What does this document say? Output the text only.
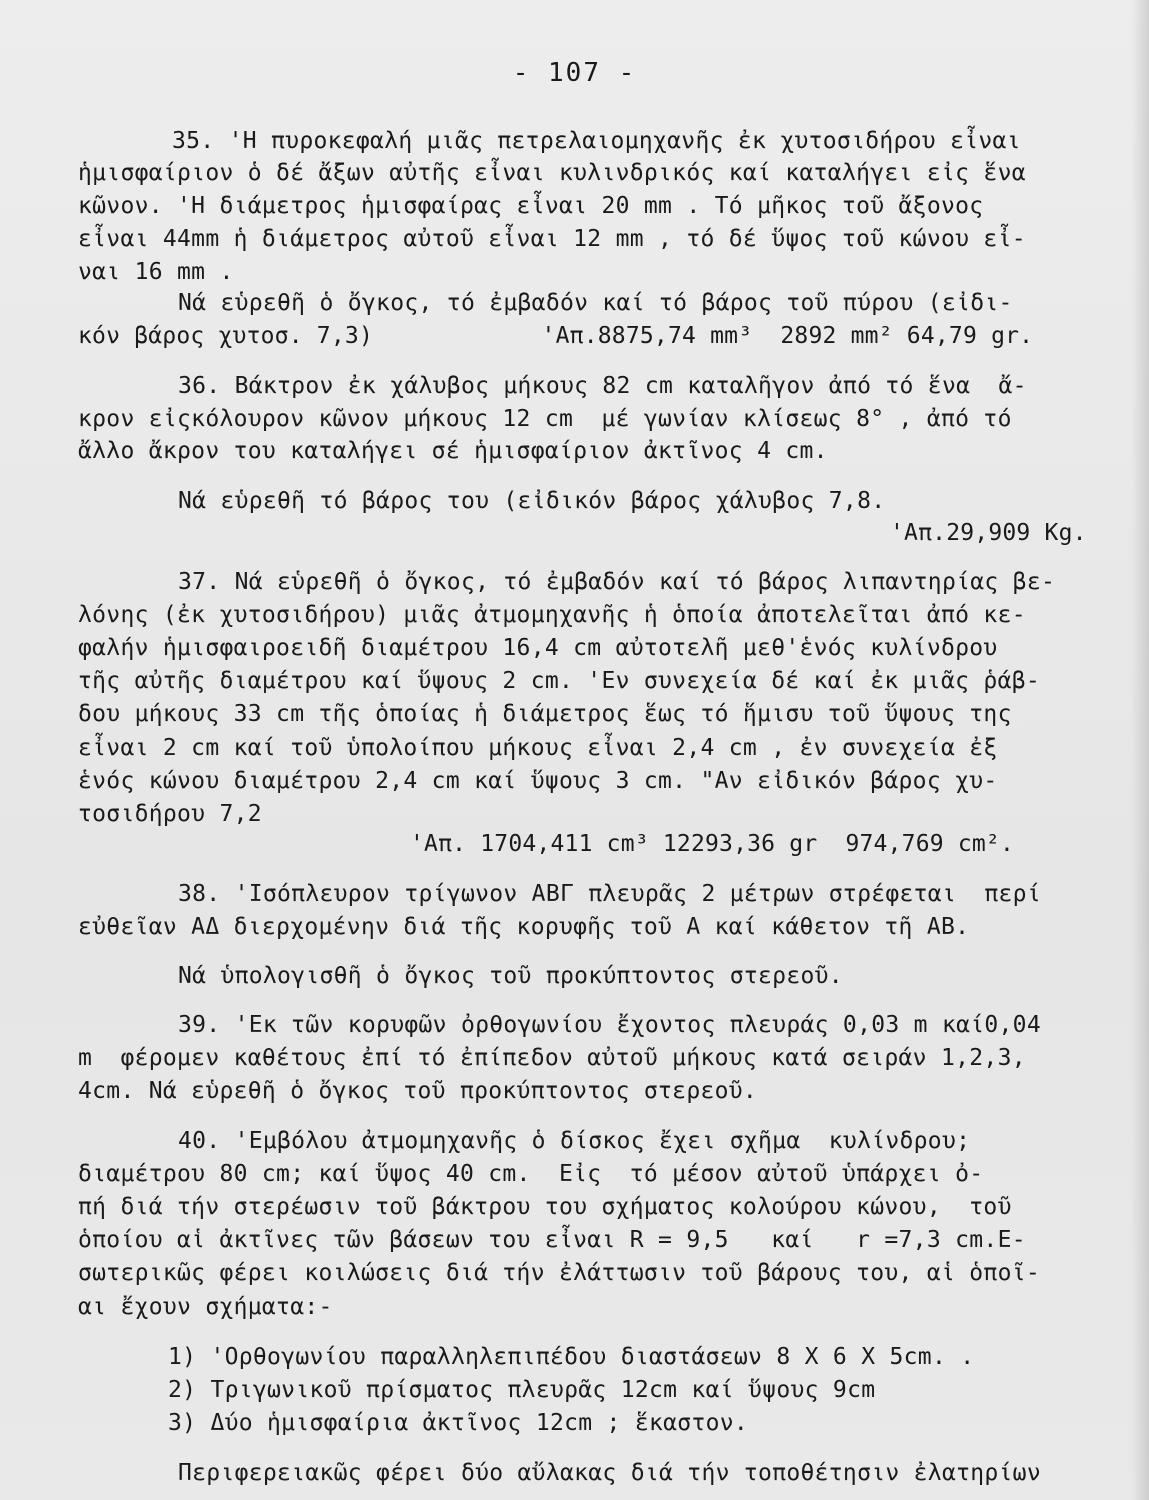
- 107 -
35. 'Η πυροκεφαλή μιᾶς πετρελαιομηχανῆς ἐκ χυτοσιδήρου εἶναι
ἡμισφαίριον ὁ δέ ἄξων αὐτῆς εἶναι κυλινδρικός καί καταλήγει εἰς ἕνα
κῶνον. 'Η διάμετρος ἡμισφαίρας εἶναι 20 mm . Τό μῆκος τοῦ ἄξονος
εἶναι 44mm ἡ διάμετρος αὐτοῦ εἶναι 12 mm , τό δέ ὕψος τοῦ κώνου εἶ-
ναι 16 mm .
Νά εὑρεθῆ ὁ ὄγκος, τό ἐμβαδόν καί τό βάρος τοῦ πύρου (εἰδι-
κόν βάρος χυτοσ. 7,3)            'Απ.8875,74 mm³  2892 mm² 64,79 gr.
36. Βάκτρον ἐκ χάλυβος μήκους 82 cm καταλῆγον ἀπό τό ἕνα  ἄ-
κρον εἰςκόλουρον κῶνον μήκους 12 cm  μέ γωνίαν κλίσεως 8° , ἀπό τό
ἄλλο ἄκρον του καταλήγει σέ ἡμισφαίριον ἀκτῖνος 4 cm.
Νά εὑρεθῆ τό βάρος του (εἰδικόν βάρος χάλυβος 7,8.
'Απ.29,909 Kg.
37. Νά εὑρεθῆ ὁ ὄγκος, τό ἐμβαδόν καί τό βάρος λιπαντηρίας βε-
λόνης (ἐκ χυτοσιδήρου) μιᾶς ἀτμομηχανῆς ἡ ὁποία ἀποτελεῖται ἀπό κε-
φαλήν ἡμισφαιροειδῆ διαμέτρου 16,4 cm αὐτοτελῆ μεθ'ἑνός κυλίνδρου
τῆς αὐτῆς διαμέτρου καί ὕψους 2 cm. 'Εν συνεχεία δέ καί ἐκ μιᾶς ῥάβ-
δου μήκους 33 cm τῆς ὁποίας ἡ διάμετρος ἕως τό ἥμισυ τοῦ ὕψους της
εἶναι 2 cm καί τοῦ ὑπολοίπου μήκους εἶναι 2,4 cm , ἐν συνεχεία ἐξ
ἑνός κώνου διαμέτρου 2,4 cm καί ὕψους 3 cm. "Αν εἰδικόν βάρος χυ-
τοσιδήρου 7,2
'Απ. 1704,411 cm³ 12293,36 gr  974,769 cm².
38. 'Ισόπλευρον τρίγωνον ΑΒΓ πλευρᾶς 2 μέτρων στρέφεται  περί
εὐθεῖαν ΑΔ διερχομένην διά τῆς κορυφῆς τοῦ Α καί κάθετον τῆ ΑΒ.
Νά ὑπολογισθῆ ὁ ὄγκος τοῦ προκύπτοντος στερεοῦ.
39. 'Εκ τῶν κορυφῶν ὀρθογωνίου ἔχοντος πλευράς 0,03 m καί0,04
m  φέρομεν καθέτους ἐπί τό ἐπίπεδον αὐτοῦ μήκους κατά σειράν 1,2,3,
4cm. Νά εὑρεθῆ ὁ ὄγκος τοῦ προκύπτοντος στερεοῦ.
40. 'Εμβόλου ἀτμομηχανῆς ὁ δίσκος ἔχει σχῆμα  κυλίνδρου;
διαμέτρου 80 cm; καί ὕψος 40 cm.  Εἰς  τό μέσον αὐτοῦ ὑπάρχει ὀ-
πή διά τήν στερέωσιν τοῦ βάκτρου του σχήματος κολούρου κώνου,  τοῦ
ὁποίου αἱ ἀκτῖνες τῶν βάσεων του εἶναι R = 9,5   καί   r =7,3 cm.Ε-
σωτερικῶς φέρει κοιλώσεις διά τήν ἐλάττωσιν τοῦ βάρους του, αἱ ὁποῖ-
αι ἔχουν σχήματα:-
1) 'Ορθογωνίου παραλληλεπιπέδου διαστάσεων 8 X 6 X 5cm. .
2) Τριγωνικοῦ πρίσματος πλευρᾶς 12cm καί ὕψους 9cm
3) Δύο ἡμισφαίρια ἀκτῖνος 12cm ; ἕκαστον.
Περιφερειακῶς φέρει δύο αὔλακας διά τήν τοποθέτησιν ἐλατηρίων
